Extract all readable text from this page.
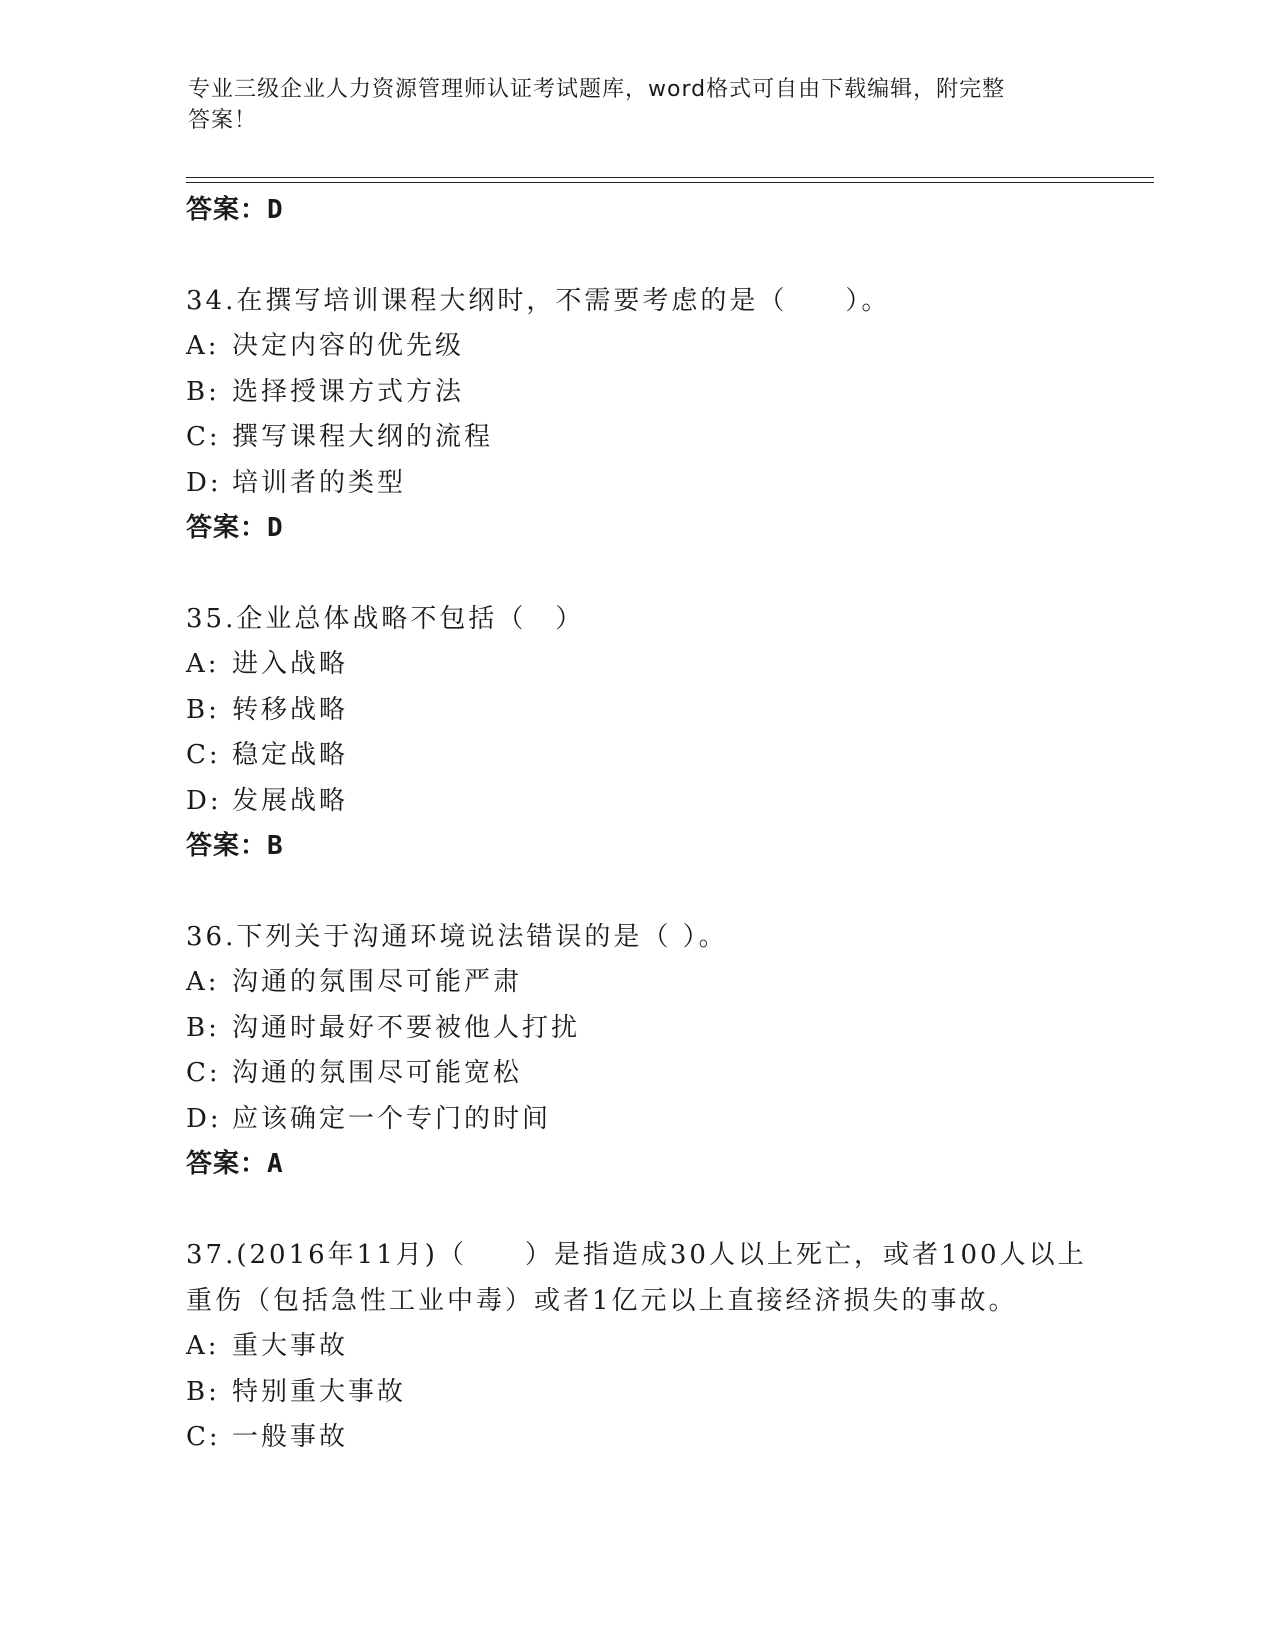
专业三级企业人力资源管理师认证考试题库，word格式可自由下载编辑，附完整
答案！
答案：D
34.在撰写培训课程大纲时，不需要考虑的是（　　）。
A: 决定内容的优先级
B: 选择授课方式方法
C: 撰写课程大纲的流程
D: 培训者的类型
答案：D
35.企业总体战略不包括（　）
A: 进入战略
B: 转移战略
C: 稳定战略
D: 发展战略
答案：B
36.下列关于沟通环境说法错误的是（ ）。
A: 沟通的氛围尽可能严肃
B: 沟通时最好不要被他人打扰
C: 沟通的氛围尽可能宽松
D: 应该确定一个专门的时间
答案：A
37.(2016年11月)（　　）是指造成30人以上死亡，或者100人以上
重伤（包括急性工业中毒）或者1亿元以上直接经济损失的事故。
A: 重大事故
B: 特别重大事故
C: 一般事故
